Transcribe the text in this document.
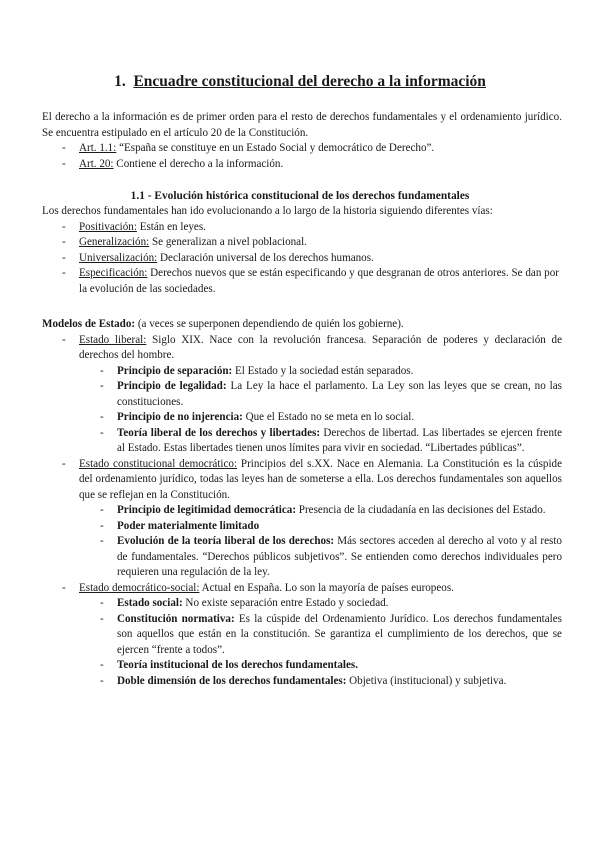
1. Encuadre constitucional del derecho a la información

El derecho a la información es de primer orden para el resto de derechos fundamentales y el ordenamiento jurídico. Se encuentra estipulado en el artículo 20 de la Constitución.

- Art. 1.1: “España se constituye en un Estado Social y democrático de Derecho”.
- Art. 20: Contiene el derecho a la información.
1.1 - Evolución histórica constitucional de los derechos fundamentales

Los derechos fundamentales han ido evolucionando a lo largo de la historia siguiendo diferentes vías:

- Positivación: Están en leyes.
- Generalización: Se generalizan a nivel poblacional.
- Universalización: Declaración universal de los derechos humanos.
- Especificación: Derechos nuevos que se están especificando y que desgranan de otros anteriores. Se dan por la evolución de las sociedades.

Modelos de Estado: (a veces se superponen dependiendo de quién los gobierne).

- Estado liberal: Siglo XIX. Nace con la revolución francesa. Separación de poderes y declaración de derechos del hombre.
- Principio de separación: El Estado y la sociedad están separados.
- Principio de legalidad: La Ley la hace el parlamento. La Ley son las leyes que se crean, no las constituciones.
- Principio de no injerencia: Que el Estado no se meta en lo social.
- Teoría liberal de los derechos y libertades: Derechos de libertad. Las libertades se ejercen frente al Estado. Estas libertades tienen unos límites para vivir en sociedad. “Libertades públicas”.
- Estado constitucional democrático: Principios del s.XX. Nace en Alemania. La Constitución es la cúspide del ordenamiento jurídico, todas las leyes han de someterse a ella. Los derechos fundamentales son aquellos que se reflejan en la Constitución.
- Principio de legitimidad democrática: Presencia de la ciudadanía en las decisiones del Estado.
- Poder materialmente limitado
- Evolución de la teoría liberal de los derechos: Más sectores acceden al derecho al voto y al resto de fundamentales. “Derechos públicos subjetivos”. Se entienden como derechos individuales pero requieren una regulación de la ley.
- Estado democrático-social: Actual en España. Lo son la mayoría de países europeos.
- Estado social: No existe separación entre Estado y sociedad.
- Constitución normativa: Es la cúspide del Ordenamiento Jurídico. Los derechos fundamentales son aquellos que están en la constitución. Se garantiza el cumplimiento de los derechos, que se ejercen “frente a todos”.
- Teoría institucional de los derechos fundamentales.
- Doble dimensión de los derechos fundamentales: Objetiva (institucional) y subjetiva.
